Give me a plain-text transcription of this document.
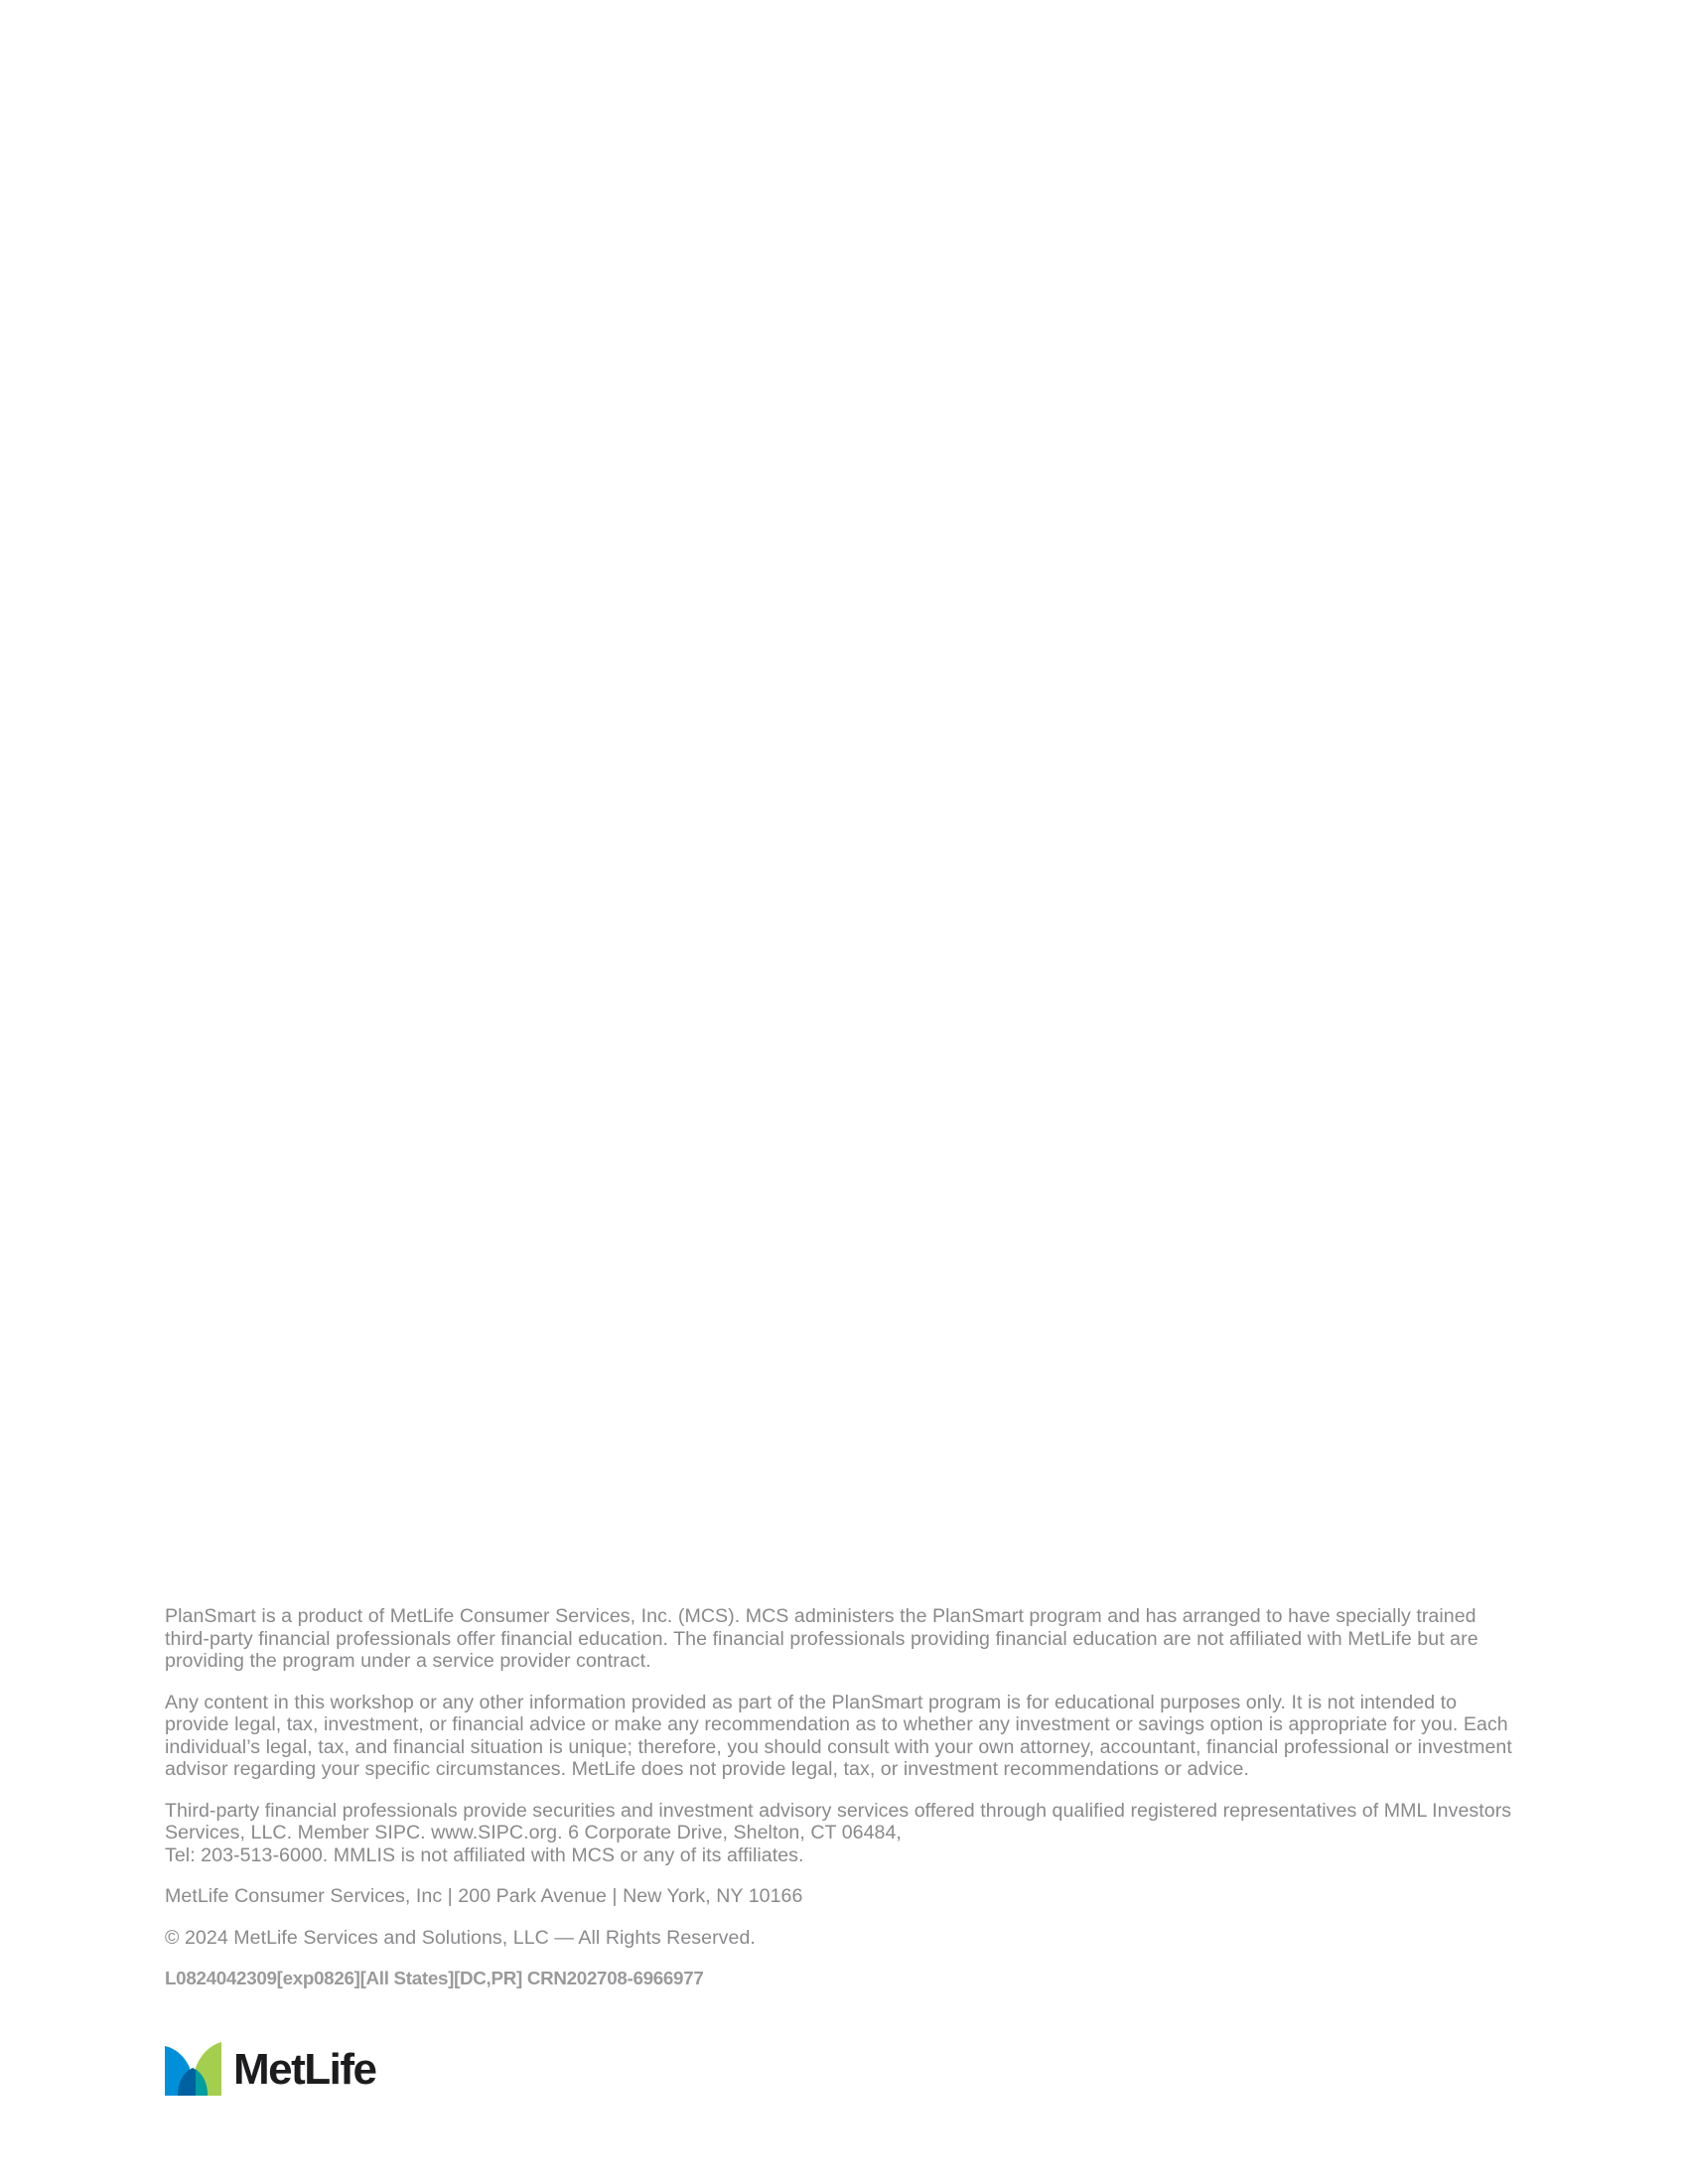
PlanSmart is a product of MetLife Consumer Services, Inc. (MCS). MCS administers the PlanSmart program and has arranged to have specially trained third-party financial professionals offer financial education. The financial professionals providing financial education are not affiliated with MetLife but are providing the program under a service provider contract.

Any content in this workshop or any other information provided as part of the PlanSmart program is for educational purposes only. It is not intended to provide legal, tax, investment, or financial advice or make any recommendation as to whether any investment or savings option is appropriate for you. Each individual’s legal, tax, and financial situation is unique; therefore, you should consult with your own attorney, accountant, financial professional or investment advisor regarding your specific circumstances. MetLife does not provide legal, tax, or investment recommendations or advice.

Third-party financial professionals provide securities and investment advisory services offered through qualified registered representatives of MML Investors Services, LLC. Member SIPC. www.SIPC.org. 6 Corporate Drive, Shelton, CT 06484,
Tel: 203-513-6000. MMLIS is not affiliated with MCS or any of its affiliates.

MetLife Consumer Services, Inc | 200 Park Avenue | New York, NY 10166

© 2024 MetLife Services and Solutions, LLC — All Rights Reserved.

L0824042309[exp0826][All States][DC,PR] CRN202708-6966977

MetLife
